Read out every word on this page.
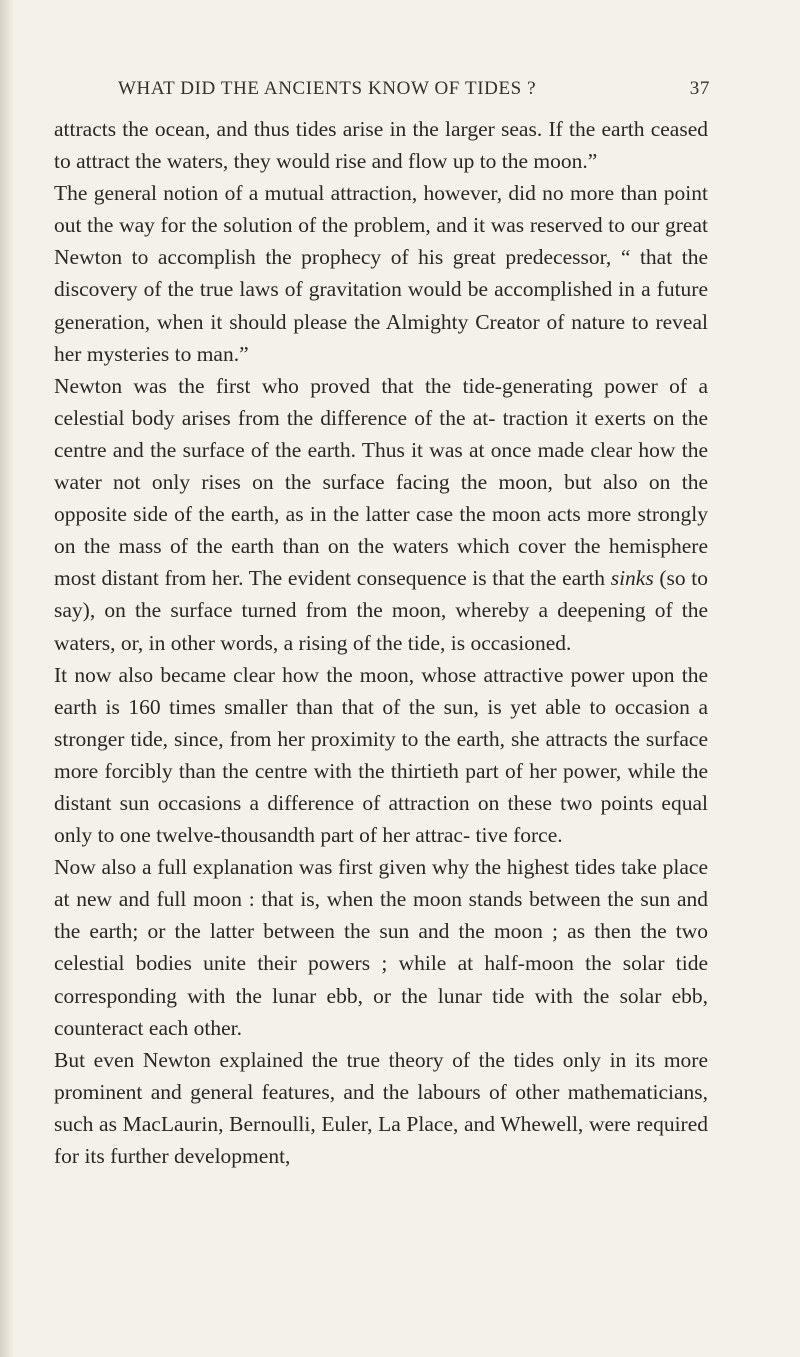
WHAT DID THE ANCIENTS KNOW OF TIDES ?	37

attracts the ocean, and thus tides arise in the larger seas. If the earth ceased to attract the waters, they would rise and flow up to the moon.”

The general notion of a mutual attraction, however, did no more than point out the way for the solution of the problem, and it was reserved to our great Newton to accomplish the prophecy of his great predecessor, “ that the discovery of the true laws of gravitation would be accomplished in a future generation, when it should please the Almighty Creator of nature to reveal her mysteries to man.”

Newton was the first who proved that the tide-generating power of a celestial body arises from the difference of the at- traction it exerts on the centre and the surface of the earth. Thus it was at once made clear how the water not only rises on the surface facing the moon, but also on the opposite side of the earth, as in the latter case the moon acts more strongly on the mass of the earth than on the waters which cover the hemisphere most distant from her. The evident consequence is that the earth sinks (so to say), on the surface turned from the moon, whereby a deepening of the waters, or, in other words, a rising of the tide, is occasioned.

It now also became clear how the moon, whose attractive power upon the earth is 160 times smaller than that of the sun, is yet able to occasion a stronger tide, since, from her proximity to the earth, she attracts the surface more forcibly than the centre with the thirtieth part of her power, while the distant sun occasions a difference of attraction on these two points equal only to one twelve-thousandth part of her attrac- tive force.

Now also a full explanation was first given why the highest tides take place at new and full moon : that is, when the moon stands between the sun and the earth; or the latter between the sun and the moon ; as then the two celestial bodies unite their powers ; while at half-moon the solar tide corresponding with the lunar ebb, or the lunar tide with the solar ebb, counteract each other.

But even Newton explained the true theory of the tides only in its more prominent and general features, and the labours of other mathematicians, such as MacLaurin, Bernoulli, Euler, La Place, and Whewell, were required for its further development,
